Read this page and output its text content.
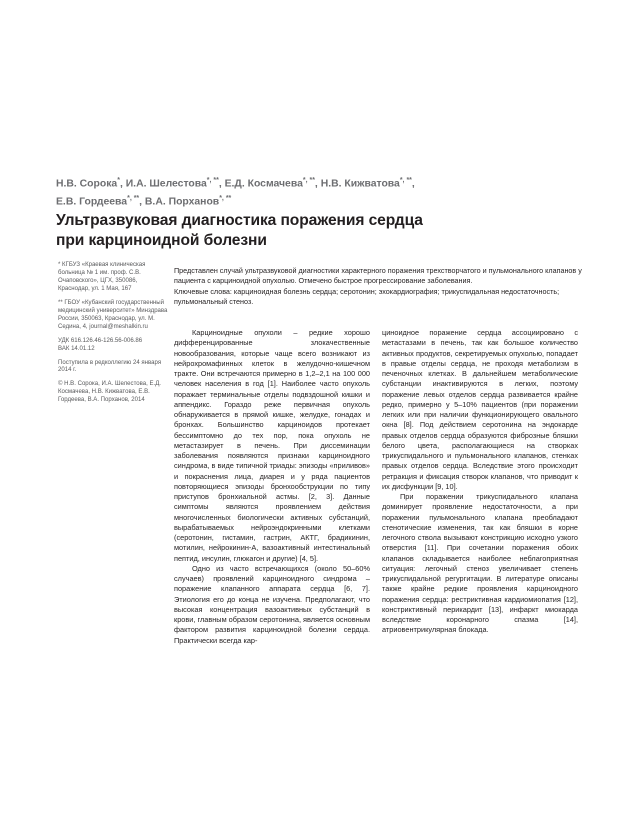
Н.В. Сорока*, И.А. Шелестова*, **, Е.Д. Космачева*, **, Н.В. Кижватова*, **,
Е.В. Гордеева*, **, В.А. Порханов*, **
Ультразвуковая диагностика поражения сердца
при карциноидной болезни
* КГБУЗ «Краевая клиническая больница № 1 им. проф. С.В. Очаповского», ЦГХ, 350086, Краснодар, ул. 1 Мая, 167
** ГБОУ «Кубанский государственный медицинский университет» Минздрава России, 350063, Краснодар, ул. М. Седина, 4, journal@meshalkin.ru
УДК 616.126.46-126.56-006.86
ВАК 14.01.12
Поступила в редколлегию 24 января 2014 г.
© Н.В. Сорока, И.А. Шелестова, Е.Д. Космачева, Н.В. Кижватова, Е.В. Гордеева, В.А. Порханов, 2014

Представлен случай ультразвуковой диагностики характерного поражения трехстворчатого и пульмонального клапанов у пациента с карциноидной опухолью. Отмечено быстрое прогрессирование заболевания.

Ключевые слова: карциноидная болезнь сердца; серотонин; эхокардиография; трикуспидальная недостаточность; пульмональный стеноз.

Карциноидные опухоли – редкие хорошо дифференцированные злокачественные новообразования, которые чаще всего возникают из нейрохромафинных клеток в желудочно-кишечном тракте. Они встречаются примерно в 1,2–2,1 на 100 000 человек населения в год [1]. Наиболее часто опухоль поражает терминальные отделы подвздошной кишки и аппендикс. Гораздо реже первичная опухоль обнаруживается в прямой кишке, желудке, гонадах и бронхах. Большинство карциноидов протекает бессимптомно до тех пор, пока опухоль не метастазирует в печень. При диссеминации заболевания появляются признаки карциноидного синдрома, в виде типичной триады: эпизоды «приливов» и покраснения лица, диарея и у ряда пациентов повторяющиеся эпизоды бронхообструкции по типу приступов бронхиальной астмы. [2, 3]. Данные симптомы являются проявлением действия многочисленных биологически активных субстанций, вырабатываемых нейроэндокринными клетками (серотонин, гистамин, гастрин, АКТГ, брадикинин, мотилин, нейрокинин-А, вазоактивный интестинальный пептид, инсулин, глюкагон и другие) [4, 5].

Одно из часто встречающихся (около 50–60% случаев) проявлений карциноидного синдрома – поражение клапанного аппарата сердца [6, 7]. Этиология его до конца не изучена. Предполагают, что высокая концентрация вазоактивных субстанций в крови, главным образом серотонина, является основным фактором развития карциноидной болезни сердца. Практически всегда кар-

циноидное поражение сердца ассоциировано с метастазами в печень, так как большое количество активных продуктов, секретируемых опухолью, попадает в правые отделы сердца, не проходя метаболизм в печеночных клетках. В дальнейшем метаболические субстанции инактивируются в легких, поэтому поражение левых отделов сердца развивается крайне редко, примерно у 5–10% пациентов (при поражении легких или при наличии функционирующего овального окна [8]. Под действием серотонина на эндокарде правых отделов сердца образуются фиброзные бляшки белого цвета, располагающиеся на створках трикуспидального и пульмонального клапанов, стенках правых отделов сердца. Вследствие этого происходит ретракция и фиксация створок клапанов, что приводит к их дисфункции [9, 10].

При поражении трикуспидального клапана доминирует проявление недостаточности, а при поражении пульмонального клапана преобладают стенотические изменения, так как бляшки в корне легочного ствола вызывают констрикцию исходно узкого отверстия [11]. При сочетании поражения обоих клапанов складывается наиболее неблагоприятная ситуация: легочный стеноз увеличивает степень трикуспидальной регургитации. В литературе описаны также крайне редкие проявления карциноидного поражения сердца: рестриктивная кардиомиопатия [12], констриктивный перикардит [13], инфаркт миокарда вследствие коронарного спазма [14], атриовентрикулярная блокада.
